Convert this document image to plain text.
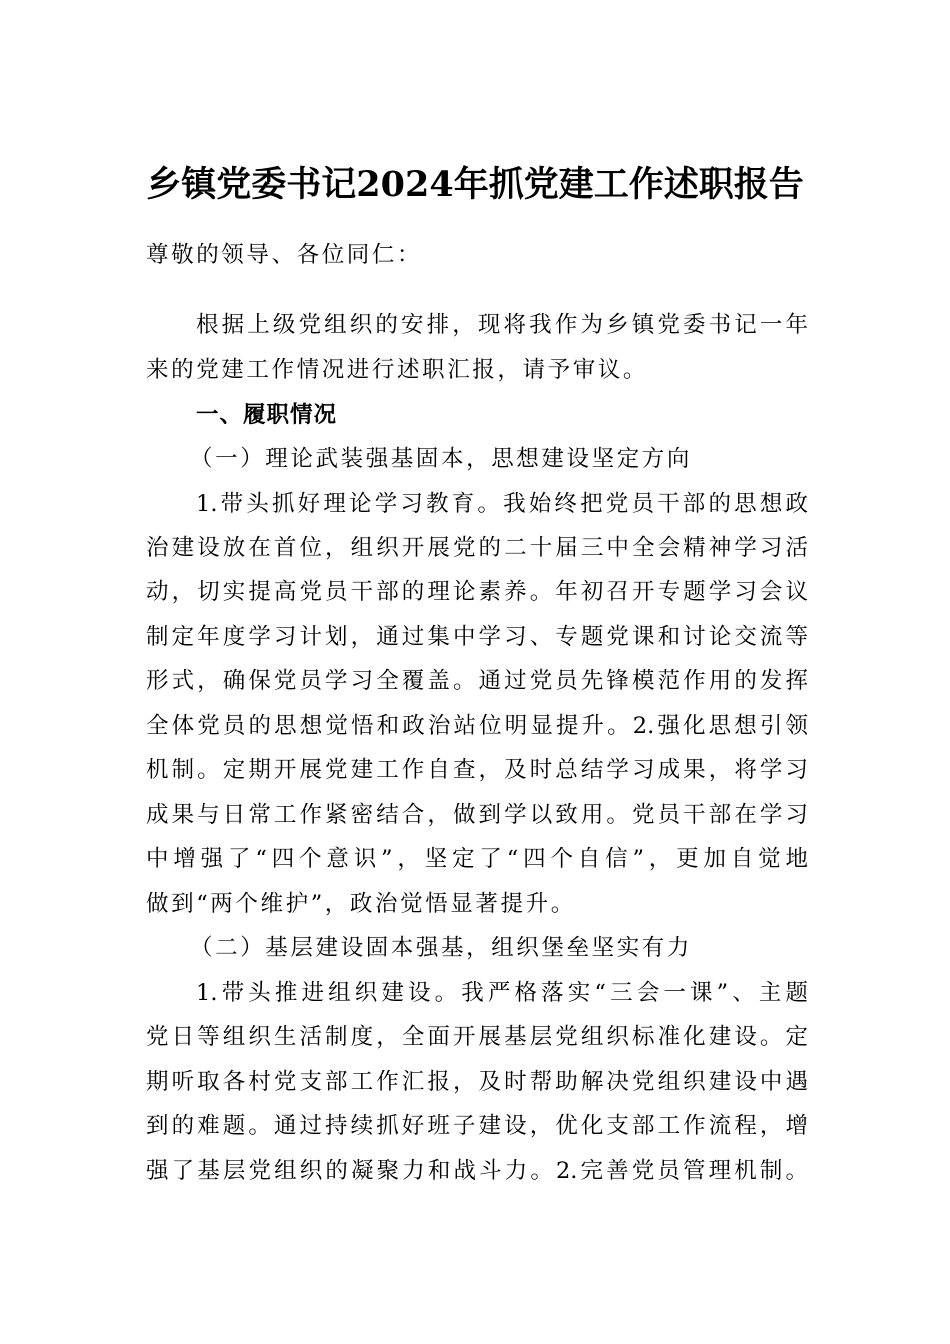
乡镇党委书记2024年抓党建工作述职报告
尊敬的领导、各位同仁：
根据上级党组织的安排，现将我作为乡镇党委书记一年
来的党建工作情况进行述职汇报，请予审议。
一、履职情况
（一）理论武装强基固本，思想建设坚定方向
1.带头抓好理论学习教育。我始终把党员干部的思想政
治建设放在首位，组织开展党的二十届三中全会精神学习活
动，切实提高党员干部的理论素养。年初召开专题学习会议
制定年度学习计划，通过集中学习、专题党课和讨论交流等
形式，确保党员学习全覆盖。通过党员先锋模范作用的发挥
全体党员的思想觉悟和政治站位明显提升。2.强化思想引领
机制。定期开展党建工作自查，及时总结学习成果，将学习
成果与日常工作紧密结合，做到学以致用。党员干部在学习
中增强了“四个意识”，坚定了“四个自信”，更加自觉地
做到“两个维护”，政治觉悟显著提升。
（二）基层建设固本强基，组织堡垒坚实有力
1.带头推进组织建设。我严格落实“三会一课”、主题
党日等组织生活制度，全面开展基层党组织标准化建设。定
期听取各村党支部工作汇报，及时帮助解决党组织建设中遇
到的难题。通过持续抓好班子建设，优化支部工作流程，增
强了基层党组织的凝聚力和战斗力。2.完善党员管理机制。
